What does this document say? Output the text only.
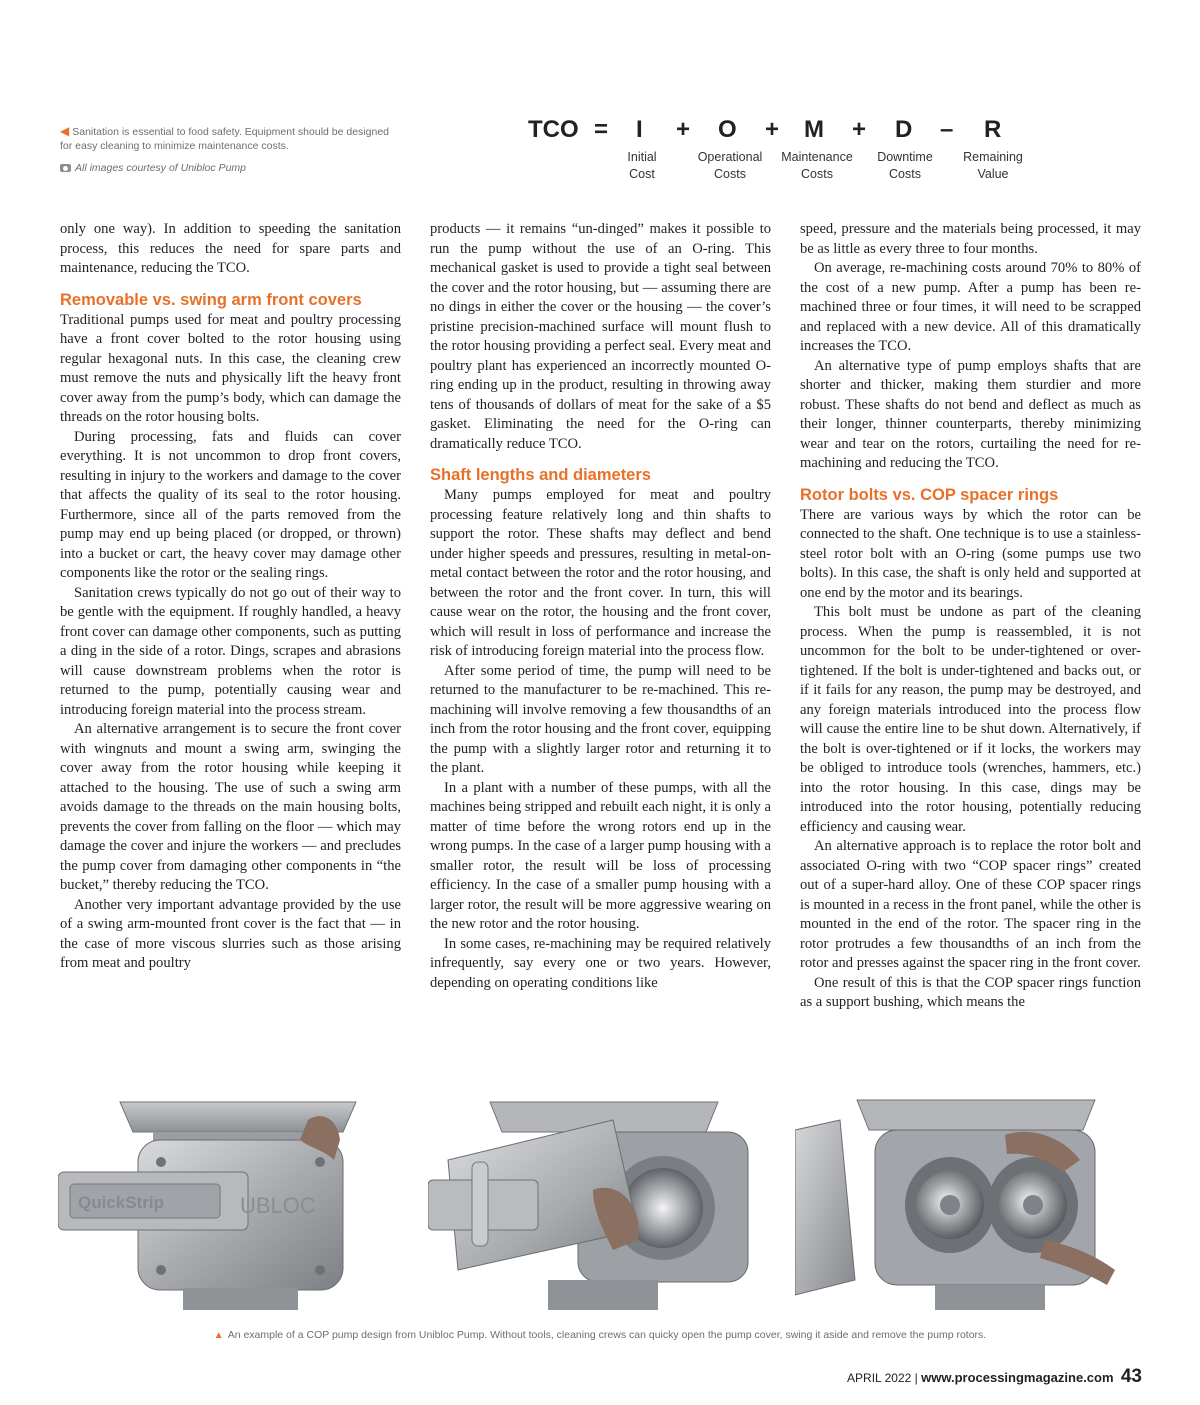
◀ Sanitation is essential to food safety. Equipment should be designed for easy cleaning to minimize maintenance costs.
All images courtesy of Unibloc Pump
TCO = I + O + M + D – R
Initial
Cost
Operational
Costs
Maintenance
Costs
Downtime
Costs
Remaining
Value

only one way). In addition to speeding the sanitation process, this reduces the need for spare parts and maintenance, reducing the TCO.

Removable vs. swing arm front covers

Traditional pumps used for meat and poultry processing have a front cover bolted to the rotor housing using regular hexagonal nuts. In this case, the cleaning crew must remove the nuts and physically lift the heavy front cover away from the pump’s body, which can damage the threads on the rotor housing bolts.

During processing, fats and fluids can cover everything. It is not uncommon to drop front covers, resulting in injury to the workers and damage to the cover that affects the quality of its seal to the rotor housing. Furthermore, since all of the parts removed from the pump may end up being placed (or dropped, or thrown) into a bucket or cart, the heavy cover may damage other components like the rotor or the sealing rings.

Sanitation crews typically do not go out of their way to be gentle with the equipment. If roughly handled, a heavy front cover can damage other components, such as putting a ding in the side of a rotor. Dings, scrapes and abrasions will cause downstream problems when the rotor is returned to the pump, potentially causing wear and introducing foreign material into the process stream.

An alternative arrangement is to secure the front cover with wingnuts and mount a swing arm, swinging the cover away from the rotor housing while keeping it attached to the housing. The use of such a swing arm avoids damage to the threads on the main housing bolts, prevents the cover from falling on the floor — which may damage the cover and injure the workers — and precludes the pump cover from damaging other components in “the bucket,” thereby reducing the TCO.

Another very important advantage provided by the use of a swing arm-mounted front cover is the fact that — in the case of more viscous slurries such as those arising from meat and poultry

products — it remains “un-dinged” makes it possible to run the pump without the use of an O-ring. This mechanical gasket is used to provide a tight seal between the cover and the rotor housing, but — assuming there are no dings in either the cover or the housing — the cover’s pristine precision-machined surface will mount flush to the rotor housing providing a perfect seal. Every meat and poultry plant has experienced an incorrectly mounted O-ring ending up in the product, resulting in throwing away tens of thousands of dollars of meat for the sake of a $5 gasket. Eliminating the need for the O-ring can dramatically reduce TCO.

Shaft lengths and diameters

Many pumps employed for meat and poultry processing feature relatively long and thin shafts to support the rotor. These shafts may deflect and bend under higher speeds and pressures, resulting in metal-on-metal contact between the rotor and the rotor housing, and between the rotor and the front cover. In turn, this will cause wear on the rotor, the housing and the front cover, which will result in loss of performance and increase the risk of introducing foreign material into the process flow.

After some period of time, the pump will need to be returned to the manufacturer to be re-machined. This re-machining will involve removing a few thousandths of an inch from the rotor housing and the front cover, equipping the pump with a slightly larger rotor and returning it to the plant.

In a plant with a number of these pumps, with all the machines being stripped and rebuilt each night, it is only a matter of time before the wrong rotors end up in the wrong pumps. In the case of a larger pump housing with a smaller rotor, the result will be loss of processing efficiency. In the case of a smaller pump housing with a larger rotor, the result will be more aggressive wearing on the new rotor and the rotor housing.

In some cases, re-machining may be required relatively infrequently, say every one or two years. However, depending on operating conditions like

speed, pressure and the materials being processed, it may be as little as every three to four months.

On average, re-machining costs around 70% to 80% of the cost of a new pump. After a pump has been re-machined three or four times, it will need to be scrapped and replaced with a new device. All of this dramatically increases the TCO.

An alternative type of pump employs shafts that are shorter and thicker, making them sturdier and more robust. These shafts do not bend and deflect as much as their longer, thinner counterparts, thereby minimizing wear and tear on the rotors, curtailing the need for re-machining and reducing the TCO.

Rotor bolts vs. COP spacer rings

There are various ways by which the rotor can be connected to the shaft. One technique is to use a stainless-steel rotor bolt with an O-ring (some pumps use two bolts). In this case, the shaft is only held and supported at one end by the motor and its bearings.

This bolt must be undone as part of the cleaning process. When the pump is reassembled, it is not uncommon for the bolt to be under-tightened or over-tightened. If the bolt is under-tightened and backs out, or if it fails for any reason, the pump may be destroyed, and any foreign materials introduced into the process flow will cause the entire line to be shut down. Alternatively, if the bolt is over-tightened or if it locks, the workers may be obliged to introduce tools (wrenches, hammers, etc.) into the rotor housing. In this case, dings may be introduced into the rotor housing, potentially reducing efficiency and causing wear.

An alternative approach is to replace the rotor bolt and associated O-ring with two “COP spacer rings” created out of a super-hard alloy. One of these COP spacer rings is mounted in a recess in the front panel, while the other is mounted in the end of the rotor. The spacer ring in the rotor protrudes a few thousandths of an inch from the rotor and presses against the spacer ring in the front cover.

One result of this is that the COP spacer rings function as a support bushing, which means the

QuickStrip	UBLOC
▲ An example of a COP pump design from Unibloc Pump. Without tools, cleaning crews can quicky open the pump cover, swing it aside and remove the pump rotors.
APRIL 2022 | www.processingmagazine.com 43
